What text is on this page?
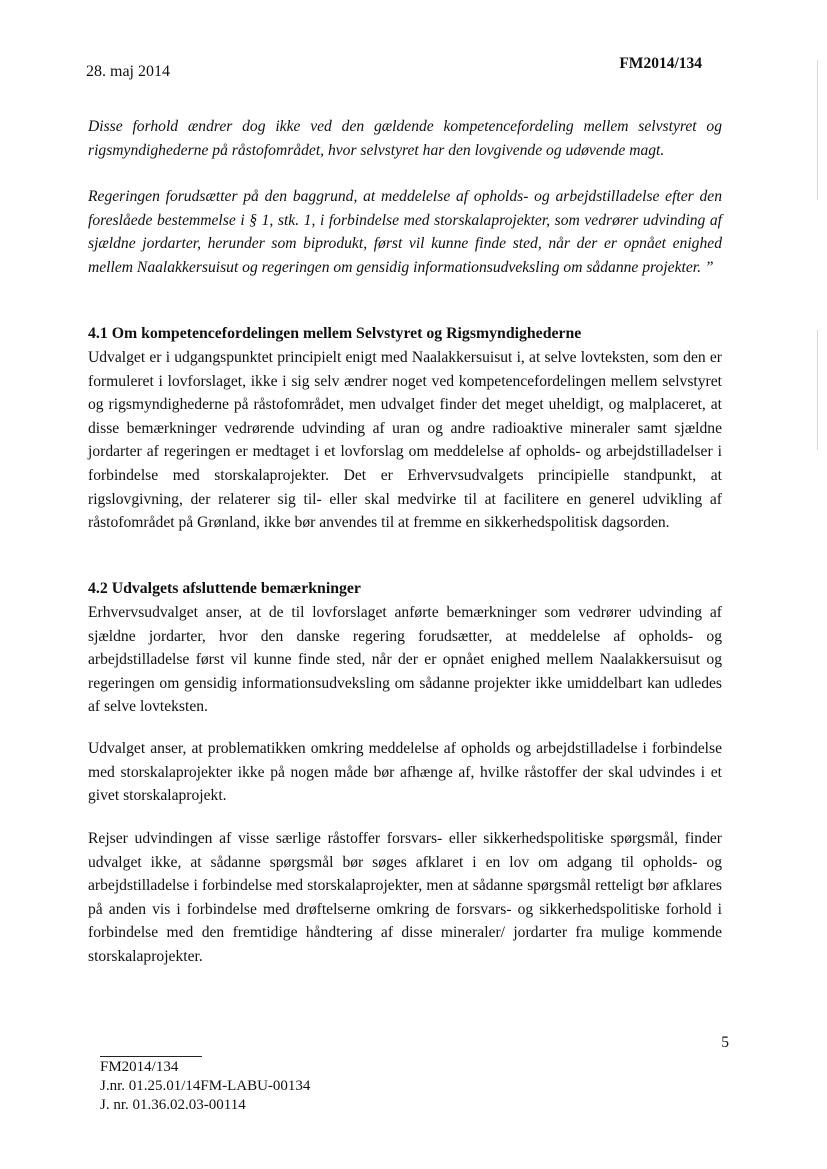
28. maj 2014	FM2014/134
Disse forhold ændrer dog ikke ved den gældende kompetencefordeling mellem selvstyret og rigsmyndighederne på råstofområdet, hvor selvstyret har den lovgivende og udøvende magt.
Regeringen forudsætter på den baggrund, at meddelelse af opholds- og arbejdstilladelse efter den foreslåede bestemmelse i § 1, stk. 1, i forbindelse med storskalaprojekter, som vedrører udvinding af sjældne jordarter, herunder som biprodukt, først vil kunne finde sted, når der er opnået enighed mellem Naalakkersuisut og regeringen om gensidig informationsudveksling om sådanne projekter. ”
4.1 Om kompetencefordelingen mellem Selvstyret og Rigsmyndighederne
Udvalget er i udgangspunktet principielt enigt med Naalakkersuisut i, at selve lovteksten, som den er formuleret i lovforslaget, ikke i sig selv ændrer noget ved kompetencefordelingen mellem selvstyret og rigsmyndighederne på råstofområdet, men udvalget finder det meget uheldigt, og malplaceret, at disse bemærkninger vedrørende udvinding af uran og andre radioaktive mineraler samt sjældne jordarter af regeringen er medtaget i et lovforslag om meddelelse af opholds- og arbejdstilladelser i forbindelse med storskalaprojekter. Det er Erhvervsudvalgets principielle standpunkt, at rigslovgivning, der relaterer sig til- eller skal medvirke til at facilitere en generel udvikling af råstofområdet på Grønland, ikke bør anvendes til at fremme en sikkerhedspolitisk dagsorden.
4.2 Udvalgets afsluttende bemærkninger
Erhvervsudvalget anser, at de til lovforslaget anførte bemærkninger som vedrører udvinding af sjældne jordarter, hvor den danske regering forudsætter, at meddelelse af opholds- og arbejdstilladelse først vil kunne finde sted, når der er opnået enighed mellem Naalakkersuisut og regeringen om gensidig informationsudveksling om sådanne projekter ikke umiddelbart kan udledes af selve lovteksten.
Udvalget anser, at problematikken omkring meddelelse af opholds og arbejdstilladelse i forbindelse med storskalaprojekter ikke på nogen måde bør afhænge af, hvilke råstoffer der skal udvindes i et givet storskalaprojekt.
Rejser udvindingen af visse særlige råstoffer forsvars- eller sikkerhedspolitiske spørgsmål, finder udvalget ikke, at sådanne spørgsmål bør søges afklaret i en lov om adgang til opholds- og arbejdstilladelse i forbindelse med storskalaprojekter, men at sådanne spørgsmål retteligt bør afklares på anden vis i forbindelse med drøftelserne omkring de forsvars- og sikkerhedspolitiske forhold i forbindelse med den fremtidige håndtering af disse mineraler/ jordarter fra mulige kommende storskalaprojekter.
5
FM2014/134
J.nr. 01.25.01/14FM-LABU-00134
J. nr. 01.36.02.03-00114
